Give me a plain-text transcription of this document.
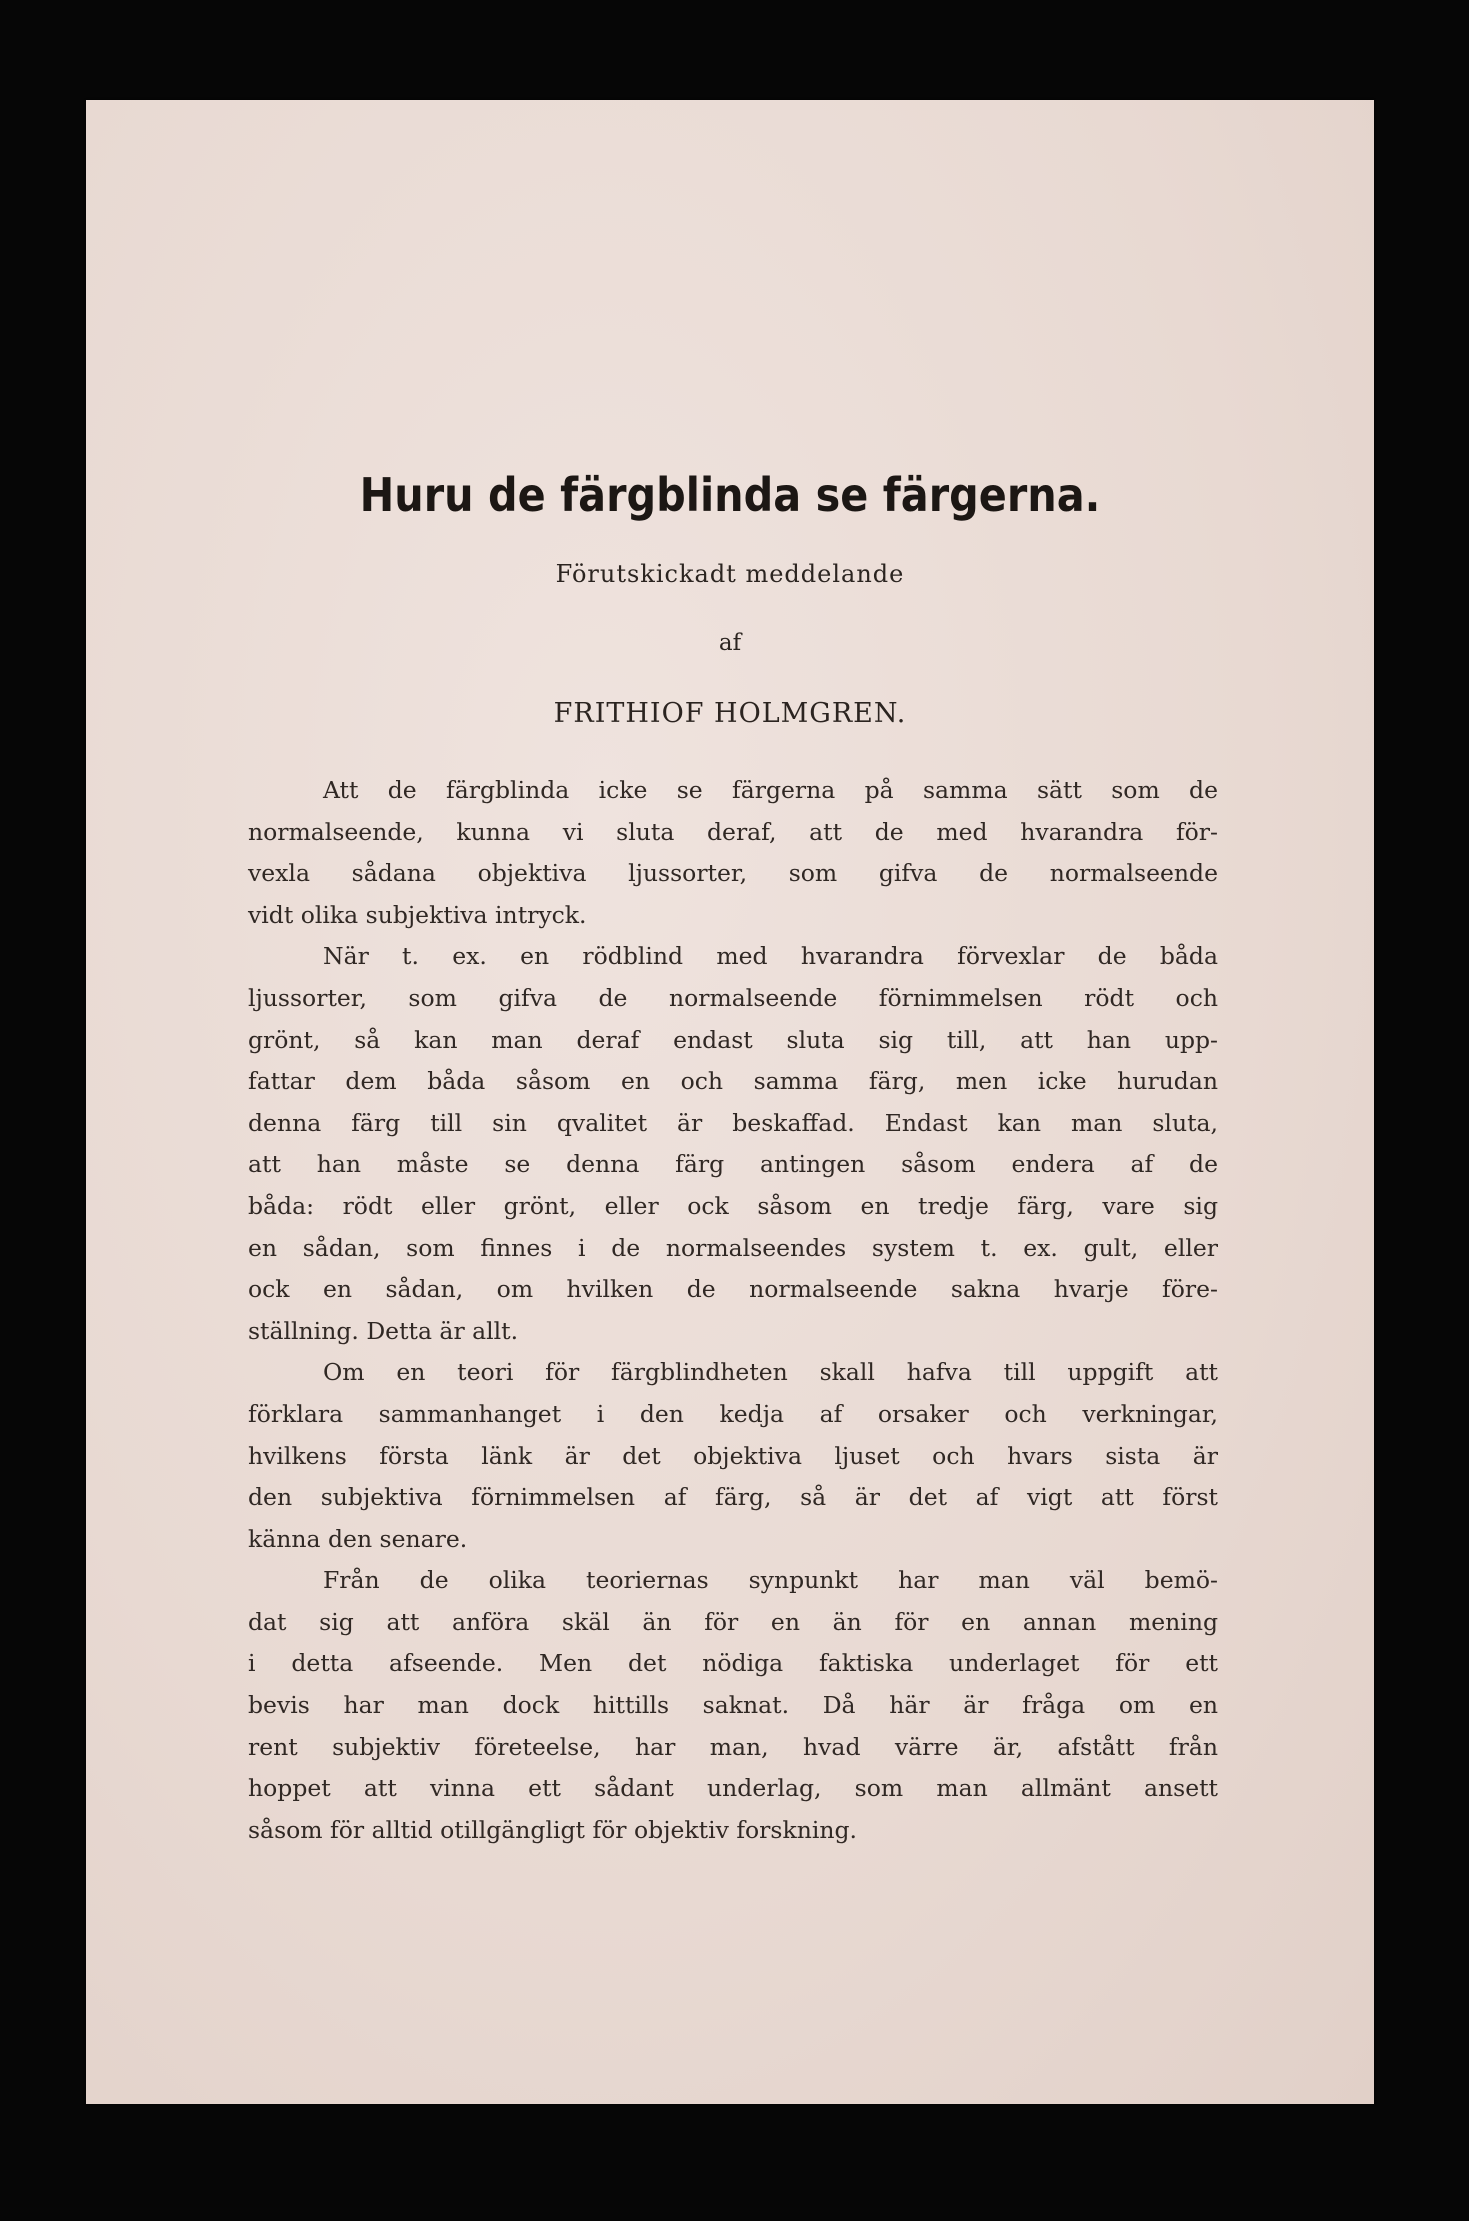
Huru de färgblinda se färgerna.

Förutskickadt meddelande

af

FRITHIOF HOLMGREN.

Att de färgblinda icke se färgerna på samma sätt som de
normalseende, kunna vi sluta deraf, att de med hvarandra för-
vexla sådana objektiva ljussorter, som gifva de normalseende
vidt olika subjektiva intryck.
När t. ex. en rödblind med hvarandra förvexlar de båda
ljussorter, som gifva de normalseende förnimmelsen rödt och
grönt, så kan man deraf endast sluta sig till, att han upp-
fattar dem båda såsom en och samma färg, men icke hurudan
denna färg till sin qvalitet är beskaffad. Endast kan man sluta,
att han måste se denna färg antingen såsom endera af de
båda: rödt eller grönt, eller ock såsom en tredje färg, vare sig
en sådan, som finnes i de normalseendes system t. ex. gult, eller
ock en sådan, om hvilken de normalseende sakna hvarje före-
ställning. Detta är allt.
Om en teori för färgblindheten skall hafva till uppgift att
förklara sammanhanget i den kedja af orsaker och verkningar,
hvilkens första länk är det objektiva ljuset och hvars sista är
den subjektiva förnimmelsen af färg, så är det af vigt att först
känna den senare.
Från de olika teoriernas synpunkt har man väl bemö-
dat sig att anföra skäl än för en än för en annan mening
i detta afseende. Men det nödiga faktiska underlaget för ett
bevis har man dock hittills saknat. Då här är fråga om en
rent subjektiv företeelse, har man, hvad värre är, afstått från
hoppet att vinna ett sådant underlag, som man allmänt ansett
såsom för alltid otillgängligt för objektiv forskning.
